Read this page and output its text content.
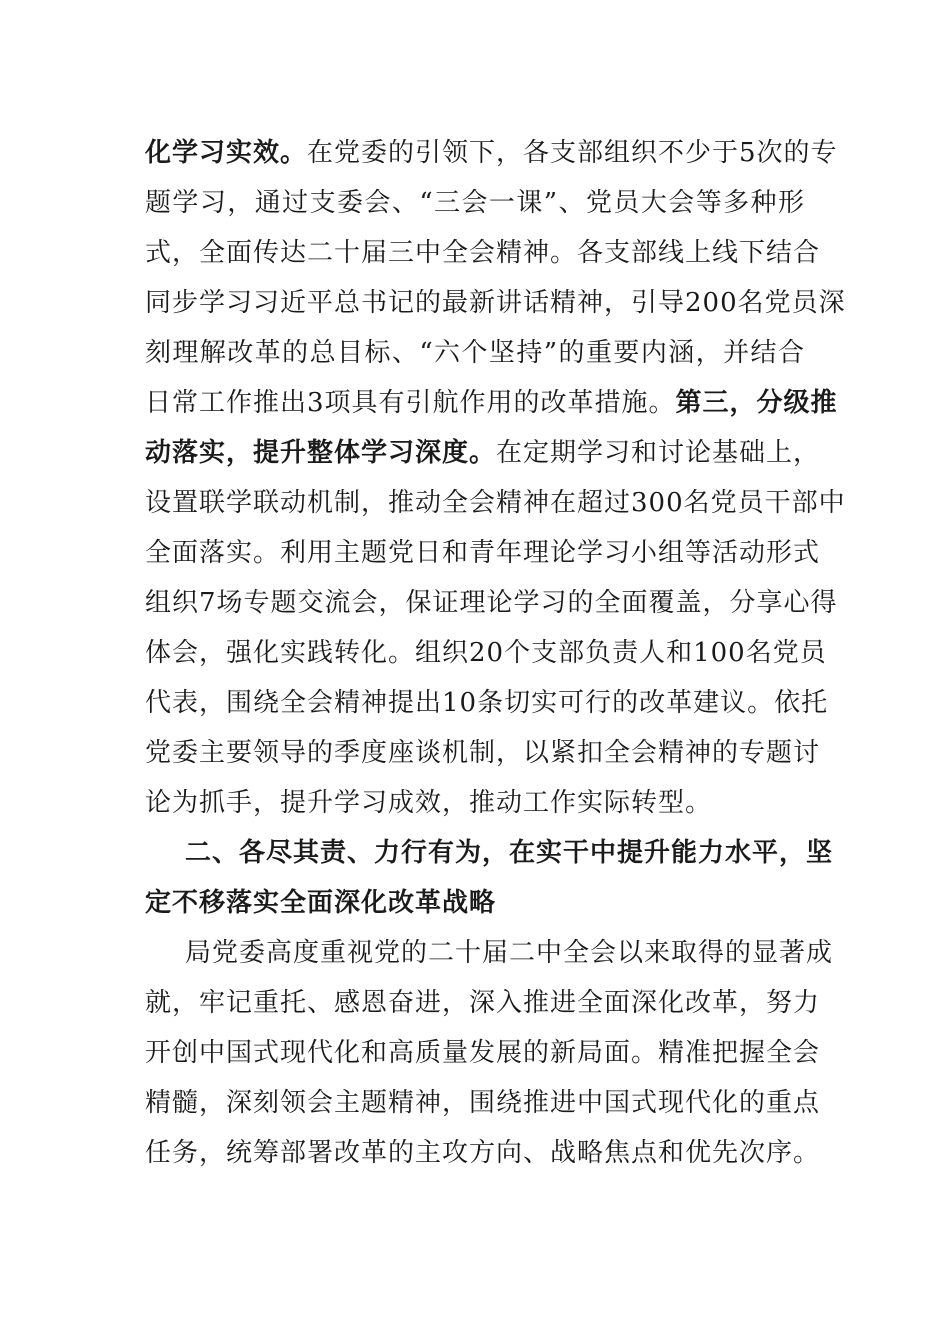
化学习实效。在党委的引领下，各支部组织不少于5次的专
题学习，通过支委会、“三会一课”、党员大会等多种形
式，全面传达二十届三中全会精神。各支部线上线下结合
同步学习习近平总书记的最新讲话精神，引导200名党员深
刻理解改革的总目标、“六个坚持”的重要内涵，并结合
日常工作推出3项具有引航作用的改革措施。第三，分级推
动落实，提升整体学习深度。在定期学习和讨论基础上，
设置联学联动机制，推动全会精神在超过300名党员干部中
全面落实。利用主题党日和青年理论学习小组等活动形式
组织7场专题交流会，保证理论学习的全面覆盖，分享心得
体会，强化实践转化。组织20个支部负责人和100名党员
代表，围绕全会精神提出10条切实可行的改革建议。依托
党委主要领导的季度座谈机制，以紧扣全会精神的专题讨
论为抓手，提升学习成效，推动工作实际转型。
二、各尽其责、力行有为，在实干中提升能力水平，坚
定不移落实全面深化改革战略
局党委高度重视党的二十届二中全会以来取得的显著成
就，牢记重托、感恩奋进，深入推进全面深化改革，努力
开创中国式现代化和高质量发展的新局面。精准把握全会
精髓，深刻领会主题精神，围绕推进中国式现代化的重点
任务，统筹部署改革的主攻方向、战略焦点和优先次序。
